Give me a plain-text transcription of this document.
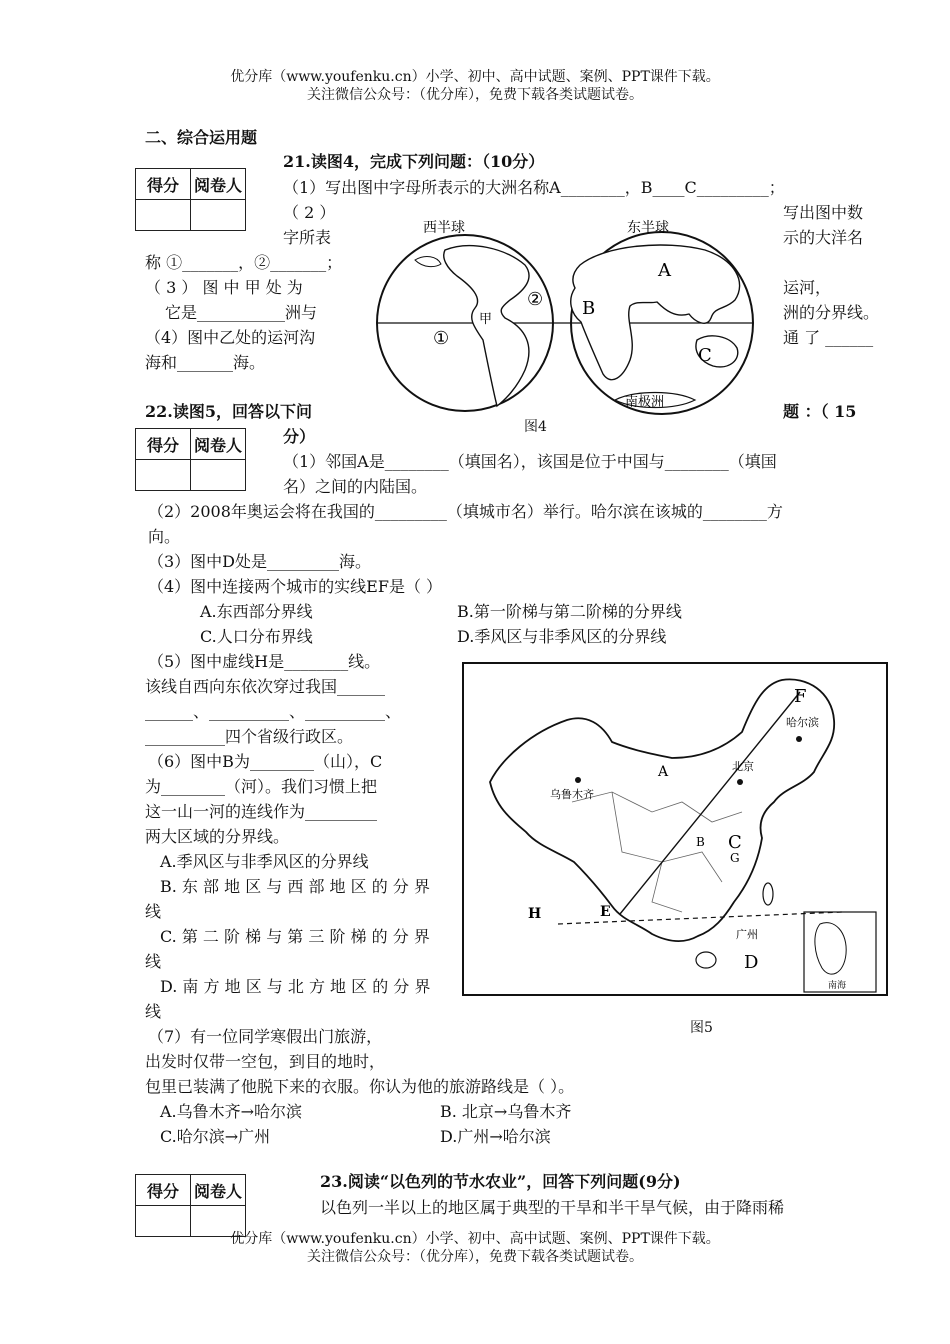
优分库（www.youfenku.cn）小学、初中、高中试题、案例、PPT课件下载。
关注微信公众号：（优分库），免费下载各类试题试卷。
二、综合运用题
得分	阅卷人

21.读图4，完成下列问题：（10分）
（1）写出图中字母所表示的大洲名称A________，B____C_________；
（ 2 ）	写出图中数
字所表	示的大洋名
称 ①_______，②_______；
（ 3 ） 图 中 甲 处 为	运河，
它是___________洲与	洲的分界线。
（4）图中乙处的运河沟	通 了 ______
海和_______海。
西半球	东半球
A
B
C
①
②
甲
南极洲
图4
22.读图5，回答以下问	题 ：（ 15
分）
得分	阅卷人

（1）邻国A是________（填国名），该国是位于中国与________（填国
名）之间的内陆国。
（2）2008年奥运会将在我国的_________（填城市名）举行。哈尔滨在该城的________方
向。
（3）图中D处是_________海。
（4）图中连接两个城市的实线EF是（ ）
A.东西部分界线	B.第一阶梯与第二阶梯的分界线
C.人口分布界线	D.季风区与非季风区的分界线
（5）图中虚线H是________线。
该线自西向东依次穿过我国______
______、__________、__________、
__________四个省级行政区。
（6）图中B为________（山），C
为________（河）。我们习惯上把
这一山一河的连线作为_________
两大区域的分界线。
A.季风区与非季风区的分界线
B. 东 部 地 区 与 西 部 地 区 的 分 界
线
C. 第 二 阶 梯 与 第 三 阶 梯 的 分 界
线
D. 南 方 地 区 与 北 方 地 区 的 分 界
线
（7）有一位同学寒假出门旅游，
出发时仅带一空包，到目的地时，
包里已装满了他脱下来的衣服。你认为他的旅游路线是（ ）。
A.乌鲁木齐→哈尔滨	B. 北京→乌鲁木齐
C.哈尔滨→广州	D.广州→哈尔滨
F
哈尔滨
A
乌鲁木齐
北京
B C
G
H	E
广州
D
南海
图5
得分	阅卷人
		23.阅读“以色列的节水农业”，回答下列问题(9分)
以色列一半以上的地区属于典型的干旱和半干旱气候，由于降雨稀
优分库（www.youfenku.cn）小学、初中、高中试题、案例、PPT课件下载。
关注微信公众号：（优分库），免费下载各类试题试卷。
